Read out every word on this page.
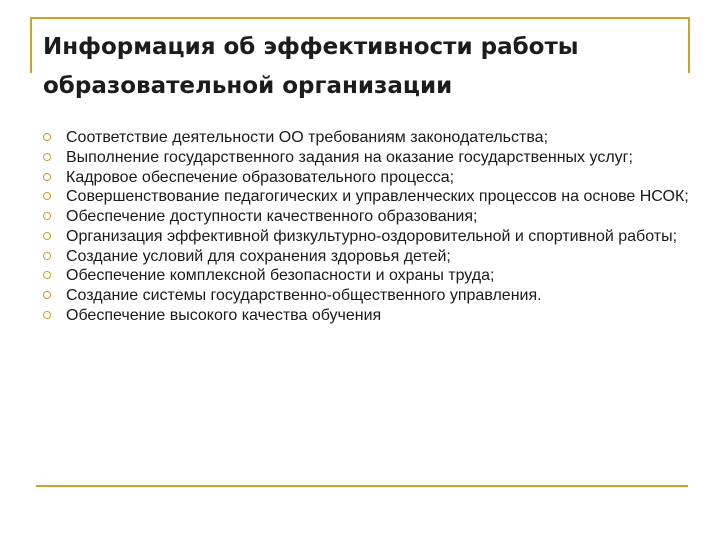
Информация об эффективности работы образовательной организации
Соответствие деятельности ОО требованиям законодательства;
Выполнение государственного задания на оказание государственных услуг;
Кадровое обеспечение образовательного процесса;
Совершенствование педагогических и управленческих процессов на основе НСОК;
Обеспечение доступности качественного образования;
Организация эффективной физкультурно-оздоровительной и спортивной работы;
Создание условий для сохранения здоровья детей;
Обеспечение комплексной безопасности и охраны труда;
Создание системы государственно-общественного управления.
Обеспечение высокого качества обучения
